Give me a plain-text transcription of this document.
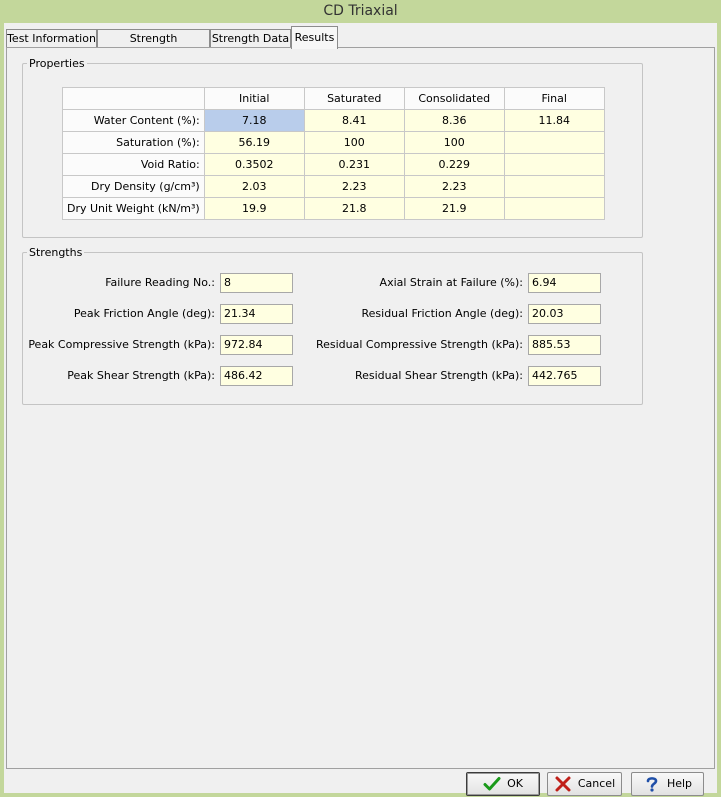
CD Triaxial
Test Information	Strength	Strength Data Results
Properties
	Initial	Saturated	Consolidated	Final
Water Content (%):	7.18	8.41	8.36	11.84
Saturation (%):	56.19	100	100	
Void Ratio:	0.3502	0.231	0.229	
Dry Density (g/cm³)	2.03	2.23	2.23	
Dry Unit Weight (kN/m³)	19.9	21.8	21.9	
Strengths
Failure Reading No.: 8
Peak Friction Angle (deg): 21.34
Peak Compressive Strength (kPa): 972.84
Peak Shear Strength (kPa): 486.42
Axial Strain at Failure (%): 6.94
Residual Friction Angle (deg): 20.03
Residual Compressive Strength (kPa): 885.53
Residual Shear Strength (kPa): 442.765
OK	Cancel	Help
